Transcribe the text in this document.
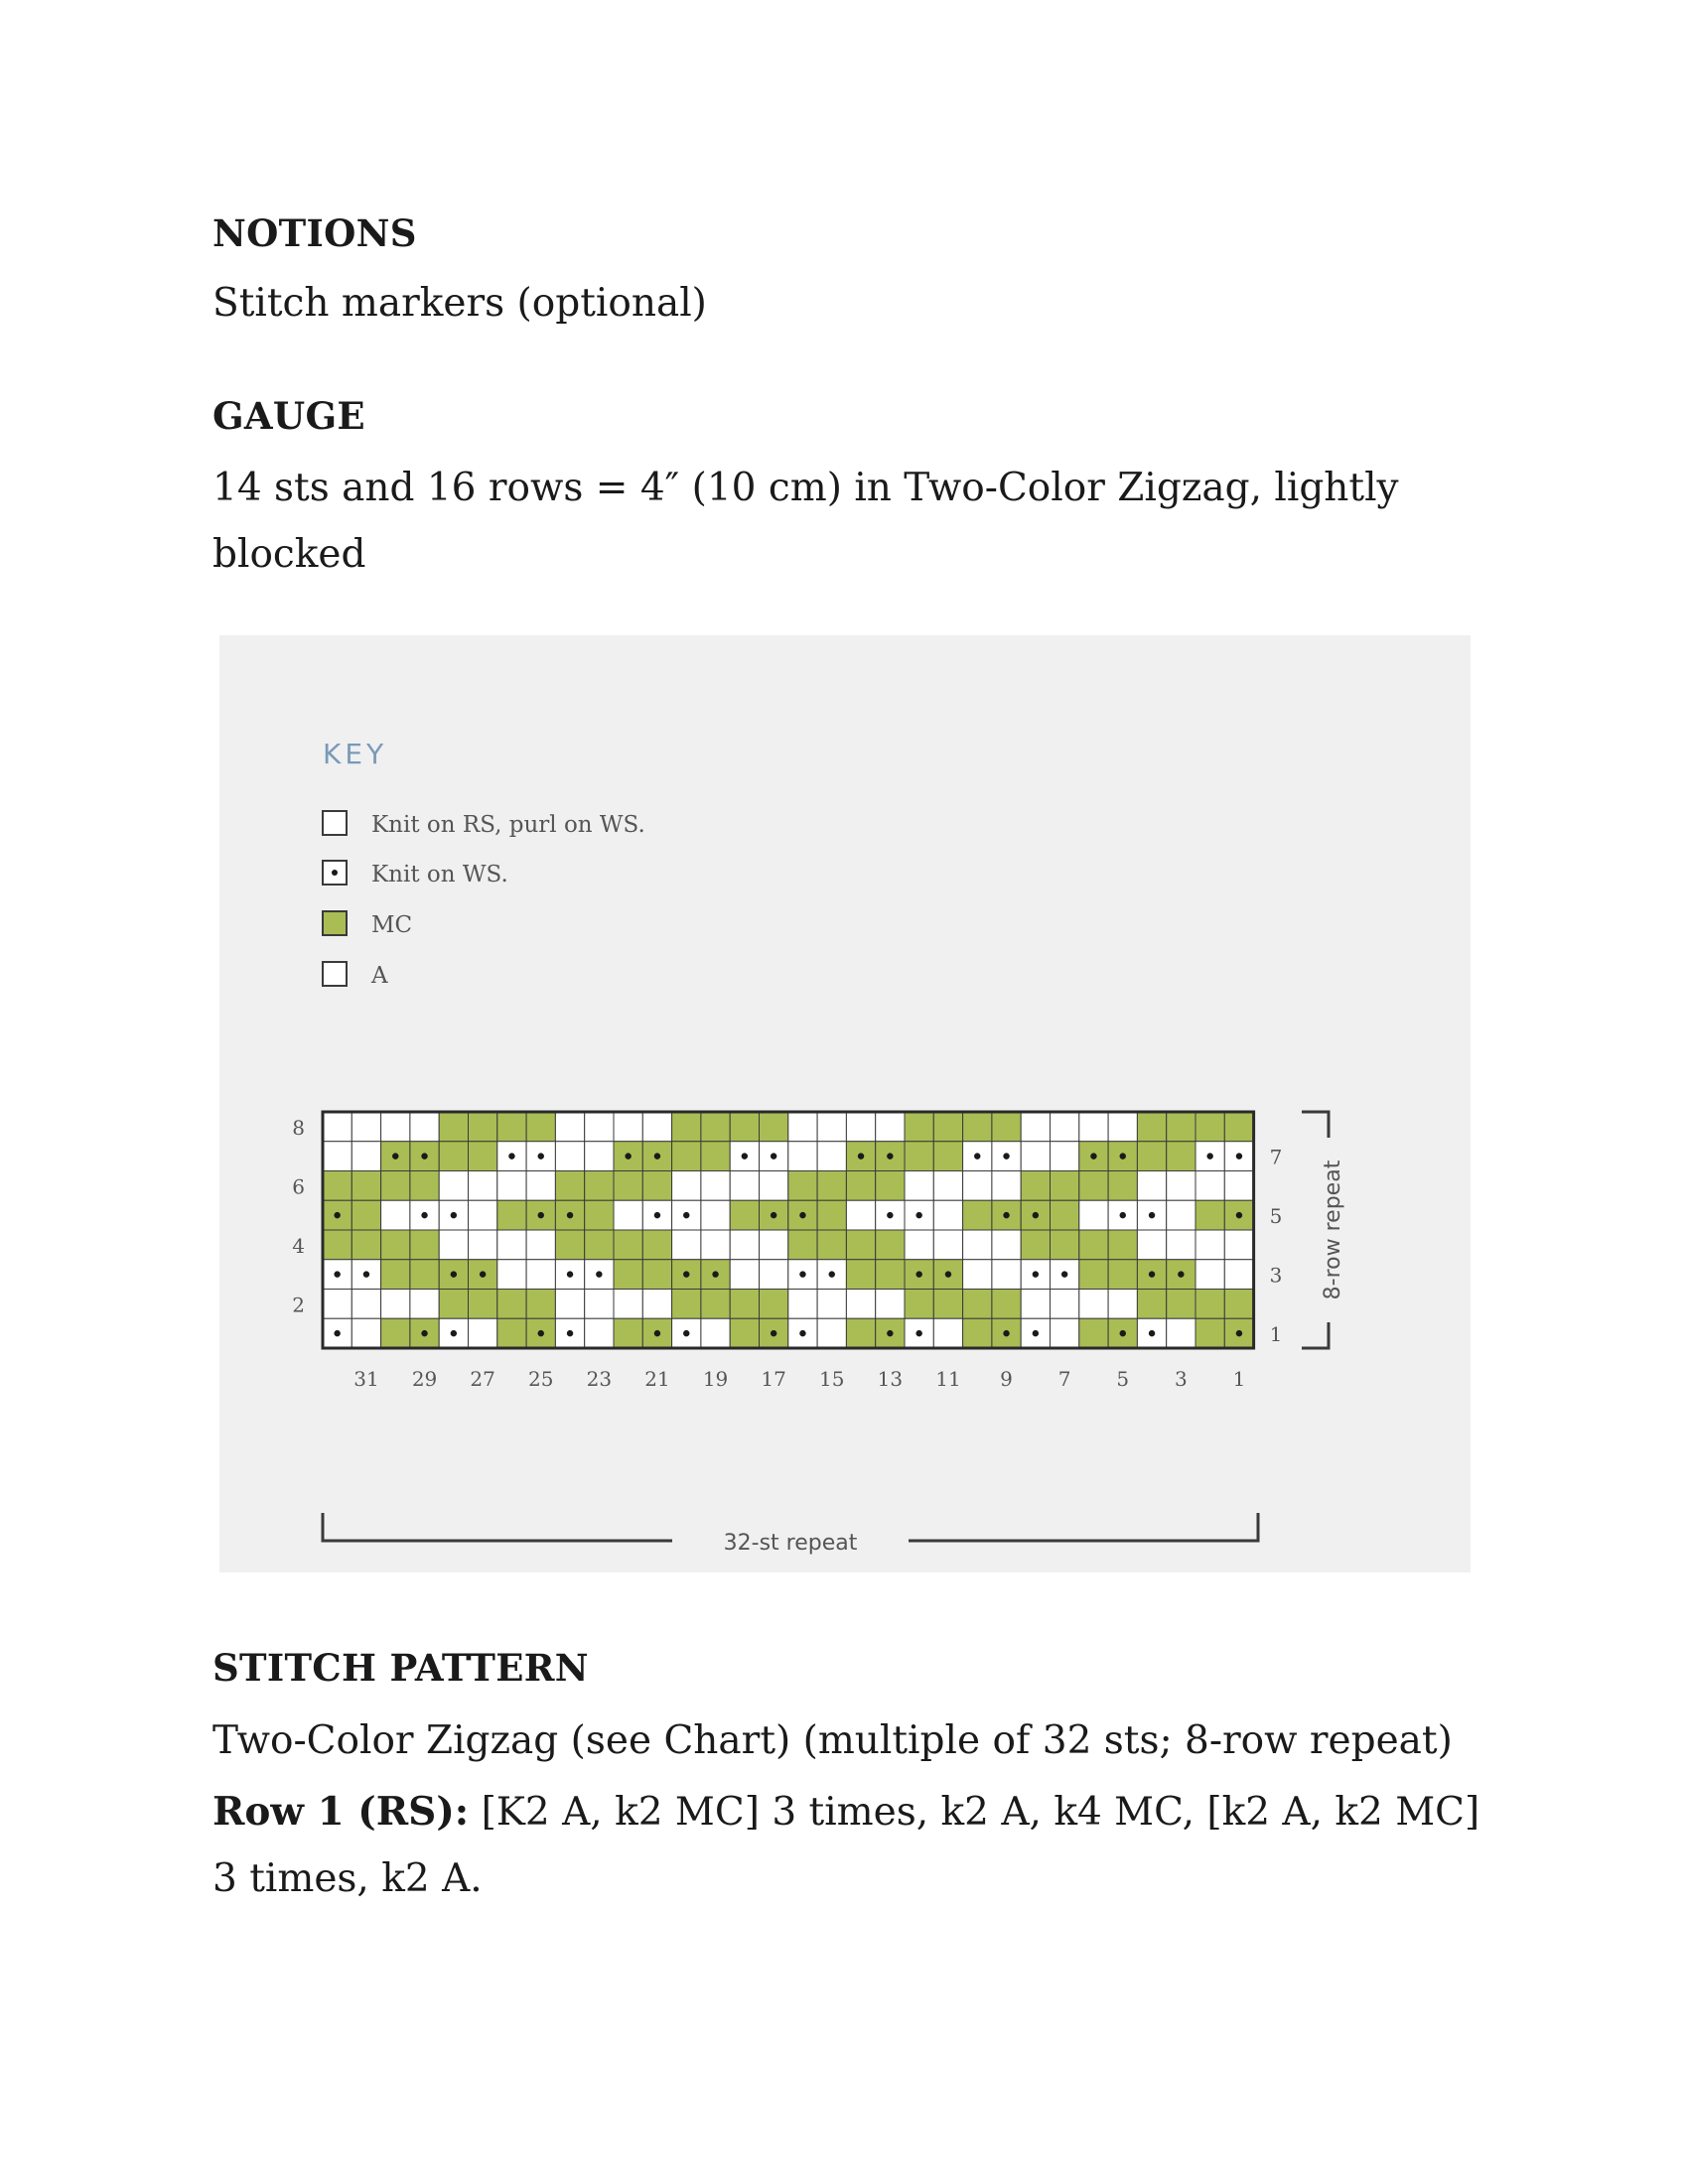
NOTIONS
Stitch markers (optional)
GAUGE
14 sts and 16 rows = 4″ (10 cm) in Two-Color Zigzag, lightly blocked
KEY
Knit on RS, purl on WS.
Knit on WS.
MC
A
8
6
4
2
7
5
3
1
31 29 27 25 23 21 19 17 15 13 11 9 7 5 3 1
32-st repeat
8-row repeat
STITCH PATTERN
Two-Color Zigzag (see Chart) (multiple of 32 sts; 8-row repeat)
Row 1 (RS): [K2 A, k2 MC] 3 times, k2 A, k4 MC, [k2 A, k2 MC] 3 times, k2 A.
